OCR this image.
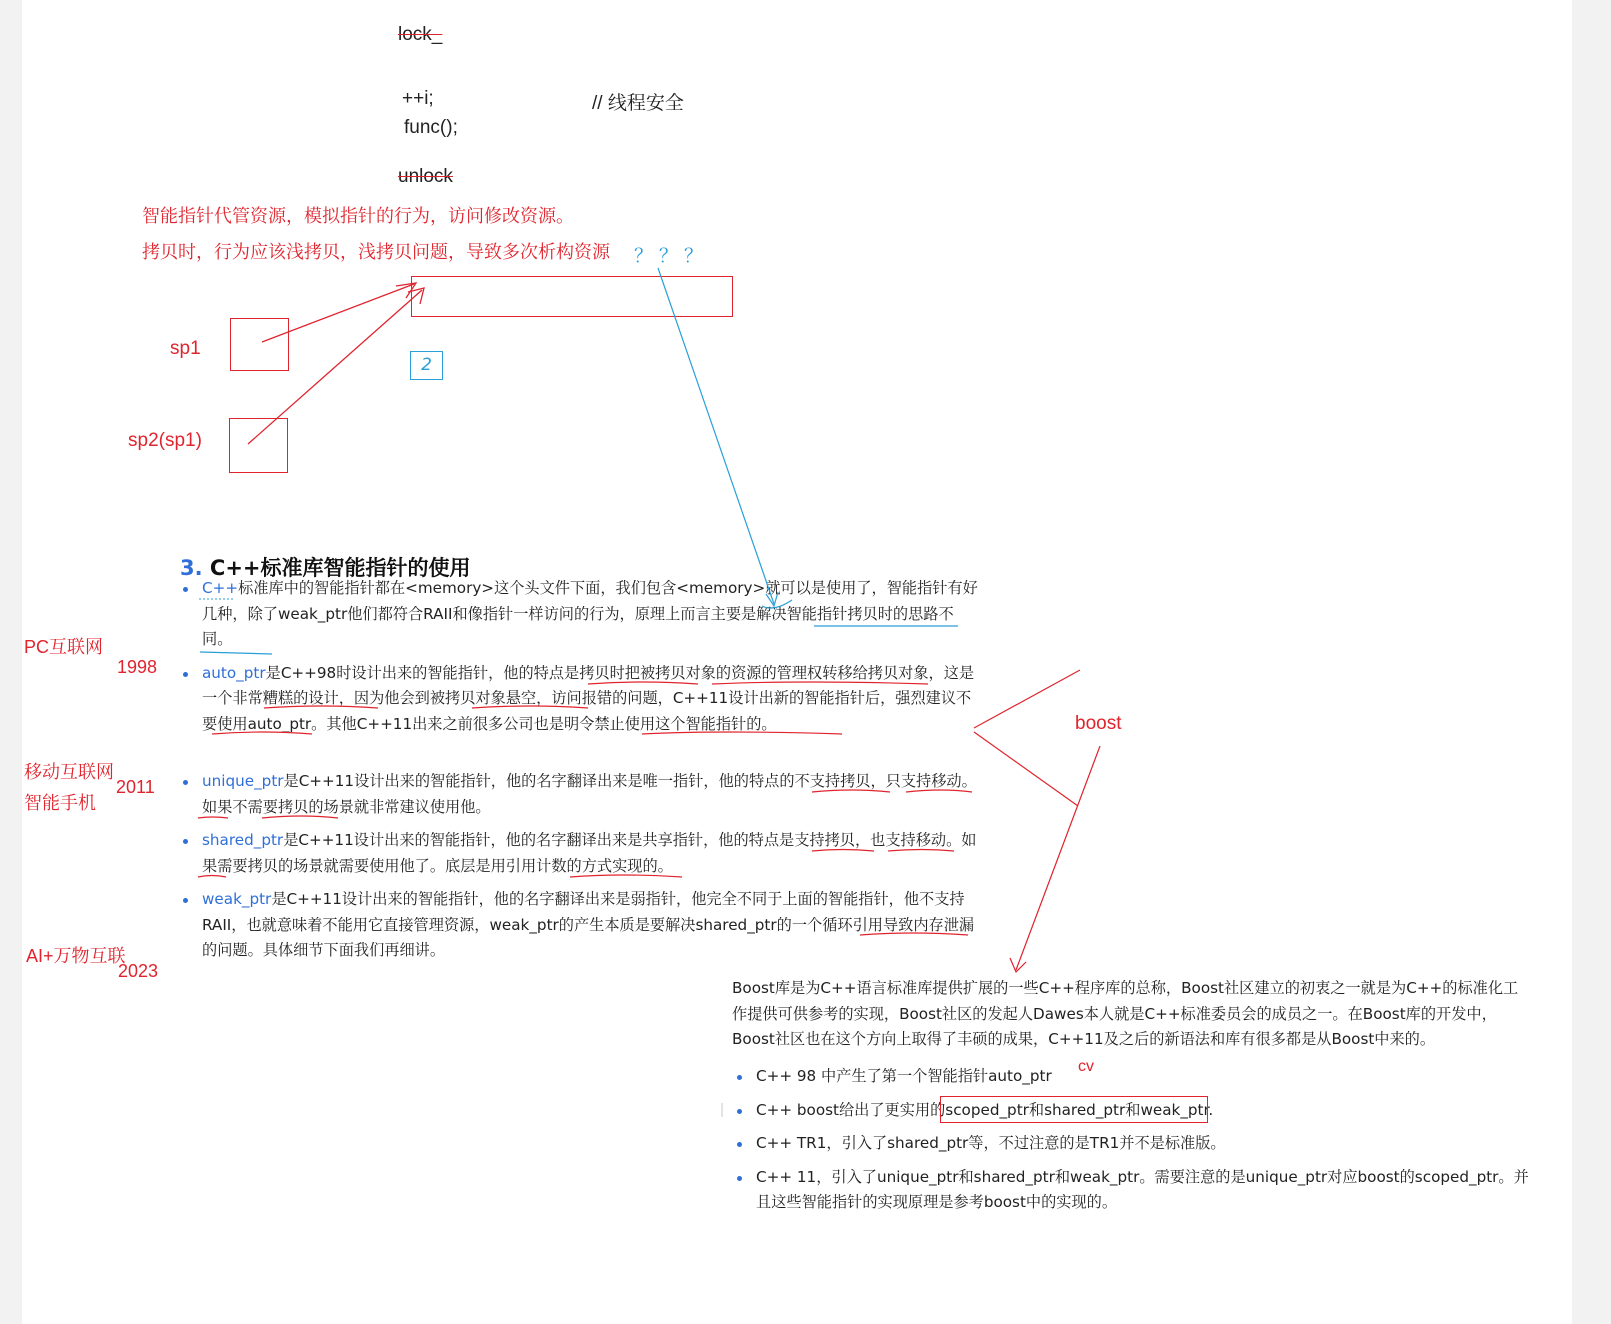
lock_
++i;	// 线程安全
func();
unlock
智能指针代管资源，模拟指针的行为，访问修改资源。
拷贝时，行为应该浅拷贝，浅拷贝问题，导致多次析构资源 ？？？
sp1
sp2(sp1)
2
PC互联网
1998
移动互联网
2011
智能手机
AI+万物互联
2023
boost
cv
3. C++标准库智能指针的使用
C++标准库中的智能指针都在<memory>这个头文件下面，我们包含<memory>就可以是使用了，智能指针有好几种，除了weak_ptr他们都符合RAII和像指针一样访问的行为，原理上而言主要是解决智能指针拷贝时的思路不同。
auto_ptr是C++98时设计出来的智能指针，他的特点是拷贝时把被拷贝对象的资源的管理权转移给拷贝对象，这是一个非常糟糕的设计，因为他会到被拷贝对象悬空，访问报错的问题，C++11设计出新的智能指针后，强烈建议不要使用auto_ptr。其他C++11出来之前很多公司也是明令禁止使用这个智能指针的。
unique_ptr是C++11设计出来的智能指针，他的名字翻译出来是唯一指针，他的特点的不支持拷贝，只支持移动。如果不需要拷贝的场景就非常建议使用他。
shared_ptr是C++11设计出来的智能指针，他的名字翻译出来是共享指针，他的特点是支持拷贝，也支持移动。如果需要拷贝的场景就需要使用他了。底层是用引用计数的方式实现的。
weak_ptr是C++11设计出来的智能指针，他的名字翻译出来是弱指针，他完全不同于上面的智能指针，他不支持RAII，也就意味着不能用它直接管理资源，weak_ptr的产生本质是要解决shared_ptr的一个循环引用导致内存泄漏的问题。具体细节下面我们再细讲。

Boost库是为C++语言标准库提供扩展的一些C++程序库的总称，Boost社区建立的初衷之一就是为C++的标准化工作提供可供参考的实现，Boost社区的发起人Dawes本人就是C++标准委员会的成员之一。在Boost库的开发中，Boost社区也在这个方向上取得了丰硕的成果，C++11及之后的新语法和库有很多都是从Boost中来的。

C++ 98 中产生了第一个智能指针auto_ptr
C++ boost给出了更实用的scoped_ptr和shared_ptr和weak_ptr.
C++ TR1，引入了shared_ptr等，不过注意的是TR1并不是标准版。
C++ 11，引入了unique_ptr和shared_ptr和weak_ptr。需要注意的是unique_ptr对应boost的scoped_ptr。并且这些智能指针的实现原理是参考boost中的实现的。
